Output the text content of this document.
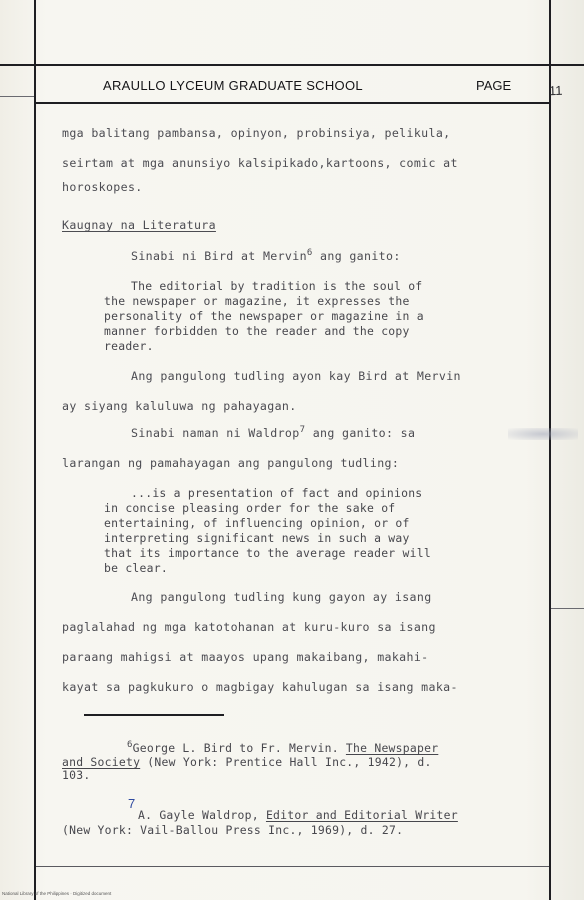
ARAULLO LYCEUM GRADUATE SCHOOL	PAGE	11
mga balitang pambansa, opinyon, probinsiya, pelikula,
seirtam at mga anunsiyo kalsipikado,kartoons, comic at
horoskopes.
Kaugnay na Literatura
Sinabi ni Bird at Mervin$^6$ ang ganito:
The editorial by tradition is the soul of
the newspaper or magazine, it expresses the
personality of the newspaper or magazine in a
manner forbidden to the reader and the copy
reader.
Ang pangulong tudling ayon kay Bird at Mervin
ay siyang kaluluwa ng pahayagan.
Sinabi naman ni Waldrop$^7$ ang ganito: sa
larangan ng pamahayagan ang pangulong tudling:
...is a presentation of fact and opinions
in concise pleasing order for the sake of
entertaining, of influencing opinion, or of
interpreting significant news in such a way
that its importance to the average reader will
be clear.
Ang pangulong tudling kung gayon ay isang
paglalahad ng mga katotohanan at kuru-kuro sa isang
paraang mahigsi at maayos upang makaibang, makahi-
kayat sa pagkukuro o magbigay kahulugan sa isang maka-
$^6$George L. Bird to Fr. Mervin. The Newspaper
and Society (New York: Prentice Hall Inc., 1942), d.
103.
7
A. Gayle Waldrop, Editor and Editorial Writer
(New York: Vail-Ballou Press Inc., 1969), d. 27.
National Library of the Philippines · Digitized document
